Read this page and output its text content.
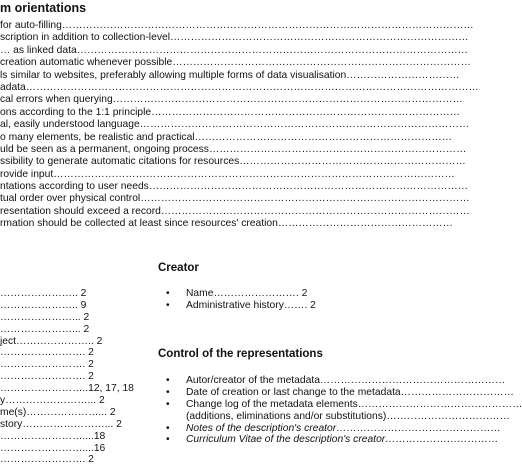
m orientations
for auto-filling…………………………………………………………………………………………………………
scription in addition to collection-level……………………………………………………………………………
… as linked data……………………………………………………………………………………………………
creation automatic whenever possible……………………………………………………………………………
ls similar to websites, preferably allowing multiple forms of data visualisation……………………………
adata……………………………………………………………………………………………………………………
cal errors when querying…………………………………………………………………………………………
ons according to the 1:1 principle………………………………………………………………………………
al, easily understood language……………………………………………………………………………………
o many elements, be realistic and practical…………………………………………………………………
uld be seen as a permanent, ongoing process…………………………………………………………………
ssibility to generate automatic citations for resources…………………………………………………………
rovide input………………………………………………………………………………………………………
ntations according to user needs…………………………………………………………………………………
tual order over physical control……………………………………………………………………………………
resentation should exceed a record………………………………………………………………………………
rmation should be collected at least since resources' creation……………………………………………
………………….. 2
………………….. 9
…………………... 2
…………………... 2
ject………………….. 2
……………………. 2
……………………. 2
……………………. 2
……………………..12, 17, 18
y……………………... 2
me(s)…………………... 2
story……………………... 2
……………………....18
……………………....16
……………………. 2
Creator
• Name……………………. 2
• Administrative history……. 2
Control of the representations
• Autor/creator of the metadata………………………………………………
• Date of creation or last change to the metadata……………………………
• Change log of the metadata elements…………………………………………
(additions, eliminations and/or substitutions)………………………………
• Notes of the description's creator…………………………………………
• Curriculum Vitae of the description's creator……………………………
